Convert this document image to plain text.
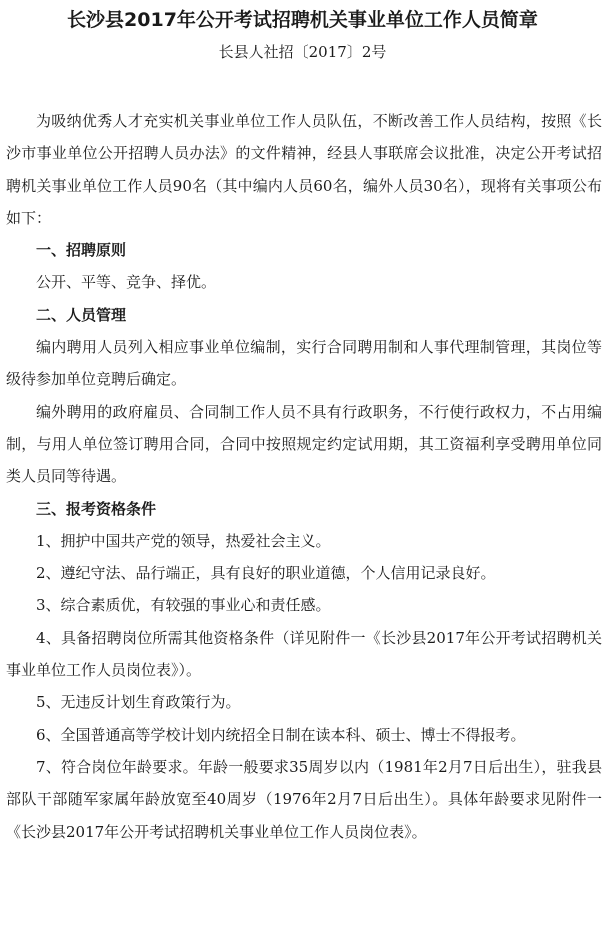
长沙县2017年公开考试招聘机关事业单位工作人员简章
长县人社招〔2017〕2号

为吸纳优秀人才充实机关事业单位工作人员队伍，不断改善工作人员结构，按照《长沙市事业单位公开招聘人员办法》的文件精神，经县人事联席会议批准，决定公开考试招聘机关事业单位工作人员90名（其中编内人员60名，编外人员30名），现将有关事项公布如下：

一、招聘原则

公开、平等、竞争、择优。

二、人员管理

编内聘用人员列入相应事业单位编制，实行合同聘用制和人事代理制管理，其岗位等级待参加单位竞聘后确定。

编外聘用的政府雇员、合同制工作人员不具有行政职务，不行使行政权力，不占用编制，与用人单位签订聘用合同，合同中按照规定约定试用期，其工资福利享受聘用单位同类人员同等待遇。

三、报考资格条件

1、拥护中国共产党的领导，热爱社会主义。

2、遵纪守法、品行端正，具有良好的职业道德，个人信用记录良好。

3、综合素质优，有较强的事业心和责任感。

4、具备招聘岗位所需其他资格条件（详见附件一《长沙县2017年公开考试招聘机关事业单位工作人员岗位表》）。

5、无违反计划生育政策行为。

6、全国普通高等学校计划内统招全日制在读本科、硕士、博士不得报考。

7、符合岗位年龄要求。年龄一般要求35周岁以内（1981年2月7日后出生），驻我县部队干部随军家属年龄放宽至40周岁（1976年2月7日后出生）。具体年龄要求见附件一《长沙县2017年公开考试招聘机关事业单位工作人员岗位表》。
